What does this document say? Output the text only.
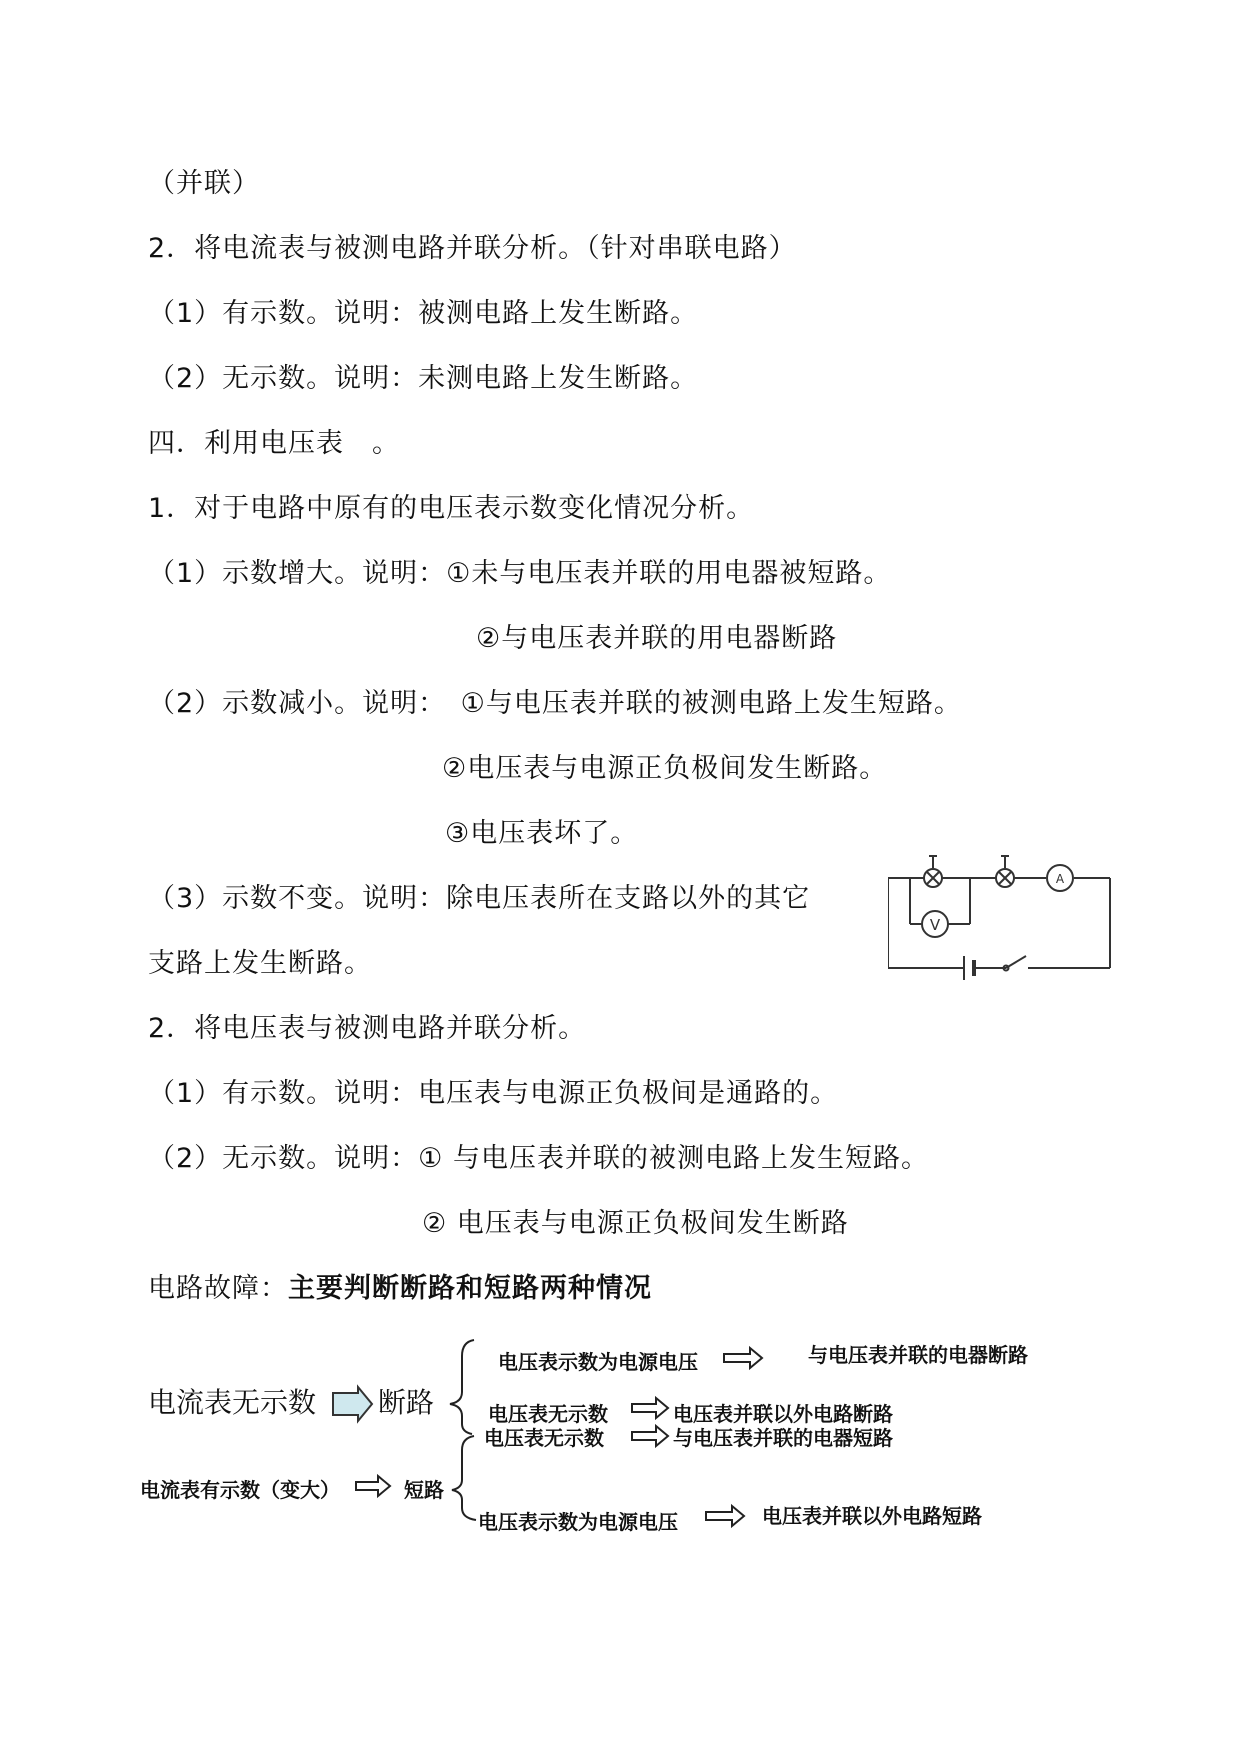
（并联）
2．将电流表与被测电路并联分析。（针对串联电路）
（1）有示数。说明：被测电路上发生断路。
（2）无示数。说明：未测电路上发生断路。
四．利用电压表　。
1．对于电路中原有的电压表示数变化情况分析。
（1）示数增大。说明：①未与电压表并联的用电器被短路。
②与电压表并联的用电器断路
（2）示数减小。说明：　①与电压表并联的被测电路上发生短路。
②电压表与电源正负极间发生断路。
③电压表坏了。
（3）示数不变。说明：除电压表所在支路以外的其它
支路上发生断路。
2．将电压表与被测电路并联分析。
（1）有示数。说明：电压表与电源正负极间是通路的。
（2）无示数。说明：① 与电压表并联的被测电路上发生短路。
② 电压表与电源正负极间发生断路
电路故障：主要判断断路和短路两种情况
V
A
电流表无示数 断路
电压表示数为电源电压	与电压表并联的电器断路
电压表无示数	电压表并联以外电路断路
电压表无示数	与电压表并联的电器短路
电流表有示数（变大）	短路
电压表示数为电源电压	电压表并联以外电路短路
